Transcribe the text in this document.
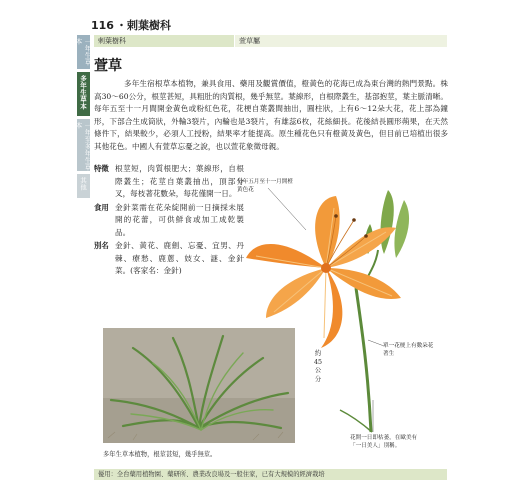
116 ・剌葉樹科
剌葉樹科	萱草屬
一年生草本
多年生草本
一年至多年生草本
其他
萱草

多年生宿根草本植物，兼具食用、藥用及觀賞價值，橙黃色的花海已成為東台灣的熱門景點。株高30～60公分，根莖甚短，具粗肚的肉質根，幾乎無莖。葉線形，自根際叢生，基部抱莖，葉主脈清晰。每年五至十一月間開金黃色或粉紅色花，花梗自葉叢間抽出，圓柱狀，上有6～12朵大花，花上部為鐘形，下部合生成筒狀，外輪3裂片，內輪也是3裂片，有雄蕊6枚，花絲細長。花後結長圓形蒴果，在天然條件下，結果較少，必須人工授粉，結果率才能提高。原生種花色只有橙黃及黃色，但目前已培植出很多其他花色。中國人有萱草忘憂之說，也以萱花象徵母親。

特徵 根莖短，肉質根肥大；葉線形，自根際叢生；花莖自葉叢抽出，頂部分叉，每枝著花數朵，每花僅開一日。
食用 金針菜需在花朵綻開前一日摘採未展開的花蕾，可供鮮食或加工成乾製品。
別名 金針、黃花、鹿劍、忘憂、宜男、丹棘、療愁、鹿蔥、妓女、謎、金針菜。(客家名：金針)
每年五月至十一月開橙黃色花
單一花梗上有數朵花著生
花開一日即枯萎，在歐美有「一日美人」別稱。
多年生草本植物，根莖甚短，幾乎無莖。
約45公分
優用：全台藥用植物園、藥研所、農業改良場及一般住家，已有大規模的經濟栽培
